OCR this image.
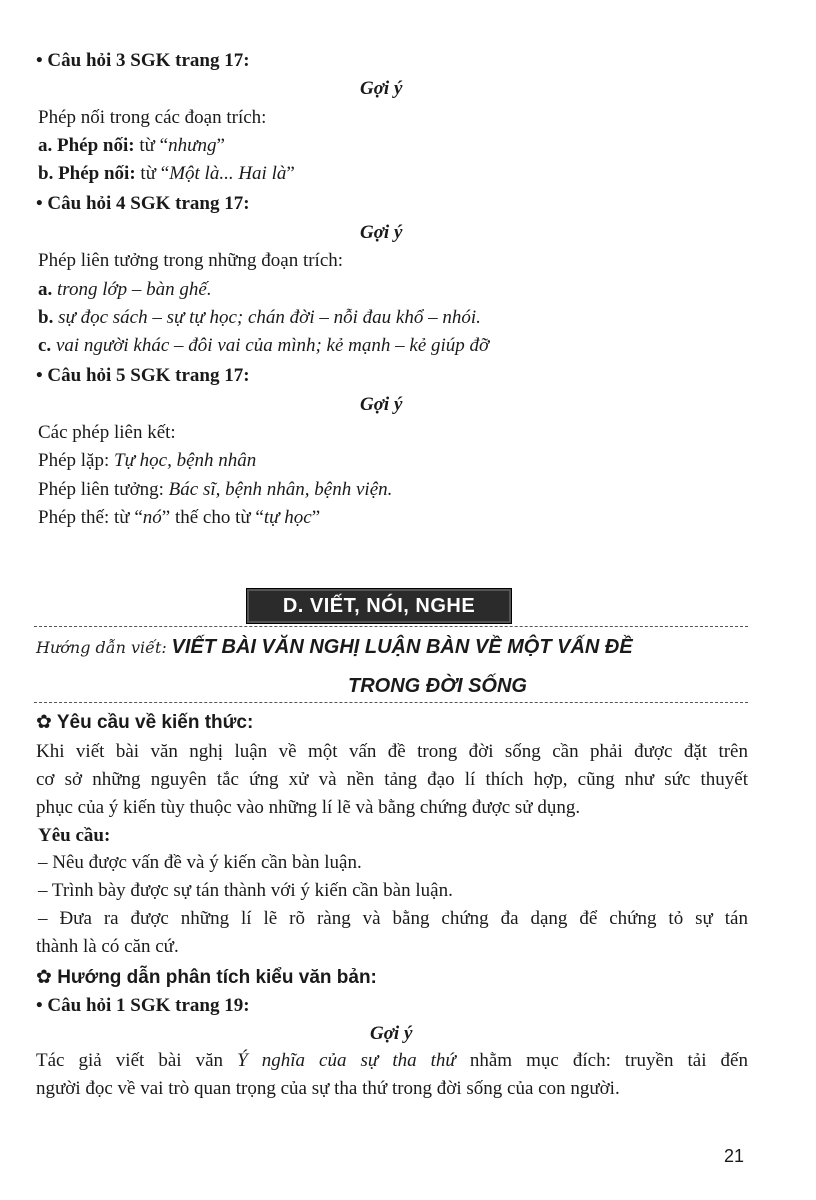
• Câu hỏi 3 SGK trang 17:
Gợi ý
Phép nối trong các đoạn trích:
a. Phép nối: từ “nhưng”
b. Phép nối: từ “Một là... Hai là”
• Câu hỏi 4 SGK trang 17:
Gợi ý
Phép liên tưởng trong những đoạn trích:
a. trong lớp – bàn ghế.
b. sự đọc sách – sự tự học; chán đời – nỗi đau khổ – nhói.
c. vai người khác – đôi vai của mình; kẻ mạnh – kẻ giúp đỡ
• Câu hỏi 5 SGK trang 17:
Gợi ý
Các phép liên kết:
Phép lặp: Tự học, bệnh nhân
Phép liên tưởng: Bác sĩ, bệnh nhân, bệnh viện.
Phép thế: từ “nó” thế cho từ “tự học”
D. VIẾT, NÓI, NGHE
Hướng dẫn viết: VIẾT BÀI VĂN NGHỊ LUẬN BÀN VỀ MỘT VẤN ĐỀ
TRONG ĐỜI SỐNG
✿ Yêu cầu về kiến thức:
Khi viết bài văn nghị luận về một vấn đề trong đời sống cần phải được đặt trên
cơ sở những nguyên tắc ứng xử và nền tảng đạo lí thích hợp, cũng như sức thuyết
phục của ý kiến tùy thuộc vào những lí lẽ và bằng chứng được sử dụng.
Yêu cầu:
– Nêu được vấn đề và ý kiến cần bàn luận.
– Trình bày được sự tán thành với ý kiến cần bàn luận.
– Đưa ra được những lí lẽ rõ ràng và bằng chứng đa dạng để chứng tỏ sự tán
thành là có căn cứ.
✿ Hướng dẫn phân tích kiểu văn bản:
• Câu hỏi 1 SGK trang 19:
Gợi ý
Tác giả viết bài văn Ý nghĩa của sự tha thứ nhằm mục đích: truyền tải đến
người đọc về vai trò quan trọng của sự tha thứ trong đời sống của con người.
21
